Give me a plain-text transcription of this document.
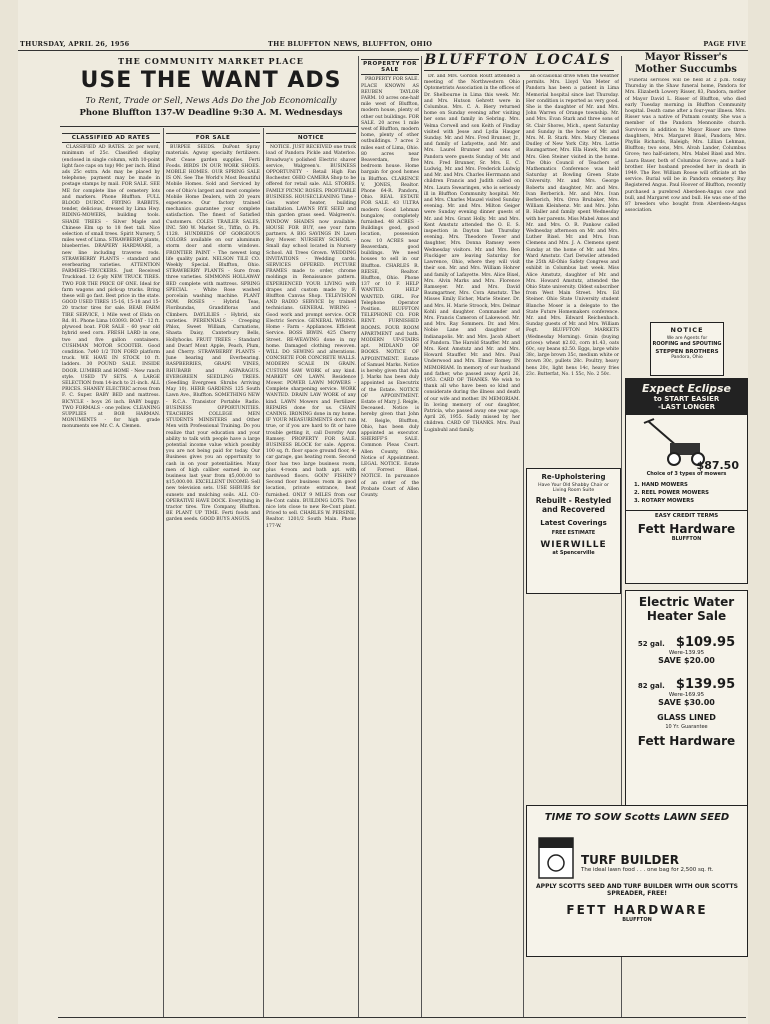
THURSDAY, APRIL 26, 1956	THE BLUFFTON NEWS, BLUFFTON, OHIO	PAGE FIVE
THE COMMUNITY MARKET PLACE
USE THE WANT ADS
To Rent, Trade or Sell, News Ads Do the Job Economically
Phone Bluffton 137-W Deadline 9:30 A. M. Wednesdays
BLUFFTON LOCALS	Mayor Risser's Mother Succumbs
CLASSIFIED AD RATES
CLASSIFIED AD RATES. 2c per word, minimum of 25c. Classified display (enclosed in single column, with 10-point light face caps on top) 90c per inch. Blind ads 25c extra. Ads may be placed by telephone; payment may be made in postage stamps by mail. FOR SALE. SEE ME for complete line of cemetery lots and markers. Phone Bluffton. FULL BLOOD DUROC. FRYING RABBITS, tender, delicious, dressed by Lima Hwy. RIDING-MOWERS, building tools. SHADE TREES - Silver Maple and Chinese Elm up to 18 feet tall. Nice selection of small trees. Spirit Nursery, 5 miles west of Lima. STRAWBERRY plants, blueberries. DRAPERY HARDWARE, a new line including traverse rods. STRAWBERRY PLANTS - standard and everbearing varieties. ATTENTION FARMERS--TRUCKERS. Just Received Truckload. 12 6-ply NEW TRUCK TIRES. TWO FOR THE PRICE OF ONE. Ideal for farm wagons and pick-up trucks. Bring these will go fast. Best price in the state. GOOD USED TIRES 15-16, 15-18 and 15-20 tractor tires for sale. BEAR FARM TIRE SERVICE, 1 Mile west of Elida on Rd. 81. Phone Lima 103093. BOAT - 12 ft. plywood boat. FOR SALE - 60 year old hybrid seed corn. FRESH LARD in one, two and five gallon containers. CUSHMAN MOTOR SCOOTER. Good condition. 7x40 1/2 TON FORD platform truck. WE HAVE IN STOCK 10 ft. ladders. 30 POUND SALE. INSIDE DOOR. LUMBER and HOME - New ranch style. USED TV SETS. A LARGE SELECTION from 14-inch to 21-inch. ALL PRICES. SHANEY ELECTRIC across from F. C. Super. BABY BED and mattress. BICYCLE - boys 26 inch. BABY buggy. TWO FORMALS - one yellow. CLEANING SUPPLIES at BOB HARMAN. MONUMENTS - for high grade monuments see Mr. C. A. Clemen.
FOR SALE
BURPEE SEEDS. DuPont Spray materials. Agway specialty fertilizers. Post Cease garden supplies. Ferti Foods. BIRDS IN OUR WORK SHOES. MOBILE HOMES. OUR SPRING SALE IS ON. See The World's Most Beautiful Mobile Homes. Sold and Serviced by one of Ohio's largest and most complete Mobile Home Dealers, with 20 years experience. Our factory trained mechanics guarantee your complete satisfaction. The finest of Satisfied Customers. COLES TRAILER SALES, INC. 580 W. Market St., Tiffin, O. Ph. 1128. HUNDREDS OF GORGEOUS COLORS available on our aluminum storm door and storm windows. FRONTIER PAINT - The newest long life quality paint. NELSON TILE CO. Weekly Special. Bluffton, Ohio. STRAWBERRY PLANTS - Sure from three varieties. SIMMONS HOLLAWAY BED complete with mattress. SPRING SPECIAL - White Rose washed porcelain washing machine. PLANT NOW. ROSES - Hybrid Teas, Floribundas, Grandifloras and Climbers. DAYLILIES - Hybrid, six varieties. PERENNIALS - Creeping Phlox, Sweet William, Carnations, Shasta Daisy, Canterbury Bells, Hollyhocks. FRUIT TREES - Standard and Dwarf Mont Apple, Peach, Plum, and Cherry. STRAWBERRY PLANTS - June bearing and Everbearing. RASPBERRIES, GRAPE VINES, RHUBARB and ASPARAGUS. EVERGREEN SEEDLING TREES. (Seedling Evergreen Shrubs Arriving May 10). HERB GARDENS 125 South Lawn Ave., Bluffton. SOMETHING NEW - R.C.A. Transistor Portable Radio. BUSINESS OPPORTUNITIES. TEACHERS COLLEGE MEN STUDENTS MINISTERS and Other Men with Professional Training. Do you realize that your education and your ability to talk with people have a large potential income value which possibly you are not being paid for today. Our Business gives you an opportunity to cash in on your potentialities. Many men of high caliber earned in our business last year from $5,000.00 to $15,000.00. EXCELLENT INCOME: Sell new television sets. USE SHRUBS for sunsets and mulching soils. ALL CO-OPERATIVE HAVE DOCK. Everything in tractor tires. Tire Company, Bluffton. BE PLANT UP TIME. Ferti foods and garden seeds. GOOD BUYS ANGUS.
NOTICE
NOTICE. JUST RECEIVED one truck load of Pandora Pickle and Waterloo. Broadway's polished Electric shaver service, Walgreen's. BUSINESS OPPORTUNITY - Retail High Fan Rochester. OHIO CAMERA Shop to be offered for retail sale. ALL STORES. FAMILY PICNIC ROSES. PROFITABLE BUSINESS. HOUSECLEANING Time - Gas water heater, building installation. LAWNS RYE SEED and thin garden grass seed. Walgreen's. WINDOW SHADES now available. HOUSE FOR BUY, see your farm partners. A BIG SAVINGS IN Lawn Boy Mower. NURSERY SCHOOL - Small day school located in Nursery School. All Trees Grown. WEDDING INVITATIONS - Wedding cards. SERVICES OFFERED. PICTURE FRAMES made to order, chrome moldings in Renaissance pattern. EXPERIENCED YOUR LIVING with drapes and custom made by F. Bluffton Canvas Shop. TELEVISION AND RADIO SERVICE by trained technicians. GENERAL WIRING - Good work and prompt service. OCR Electric Service. GENERAL WIRING. Home - Farm - Appliances. Efficient Service. BOSS IRWIN. 425 Cherry Street. RE-WEAVING done in my home. Damaged clothing rewoven. WILL DO SEWING and alterations. CONCRETE FOR CONCRETE WALLS. MODERN SCALE IN GRAIN. CUSTOM SAW WORK of any kind. MARKET ON LAWN. Residence Mower. POWER LAWN MOWERS - Complete sharpening service. WORK WANTED. DRAIN LAW WORK of any kind. LAWN Mowers and Fertilizer. REPAIRS done for us. CHAIN CANING. IRONING done in my home. IF YOUR MEASUREMENTS don't run true, or if you are hard to fit or have trouble getting it, call Dorothy Ann Ramsey. PROPERTY FOR SALE. BUSINESS BLOCK for sale. Approx. 100 sq. ft. floor space ground floor, 4-car garage, gas heating room. Second floor has two large business room, plus 4-room and bath apt. with hardwood floors. GOIN' FISHIN'? Second floor business room in good location, private entrance, heat furnished. ONLY 9 MILES from our Re-Cont cabin. BUILDING LOTS. Two nice lots close to new Re-Cont plant. Priced to sell. CHARLES W. PERSINE, Realtor. 1201/2 South Main. Phone 177-W.
PROPERTY FOR SALE
PROPERTY FOR SALE. PLACE KNOWN AS REUBEN TAYLOR FARM. 10 acres one-half mile west of Bluffton, modern house, plenty of other out buildings. FOR SALE. 20 acres 1 mile west of Bluffton, modern home, plenty of other outbuildings. 7 acres 2 miles east of Lima, Ohio. 80 acres near Beaverdam, five bedroom house. Home bargain for good homes in Bluffton. CLARENCE V. JONES, Realtor. Phone 64-R. Pandora, Ohio. REAL ESTATE FOR SALE. 43 ULTRA modern Good Lehman bungalow, completely furnished. 48 ACRES - Buildings good, good location, possession now. 10 ACRES near Beaverdam, good buildings. We need houses to sell in our Bluffton. CHARLES R. REESE, Realtor. Bluffton, Ohio. Phone 137 or 10 F. HELP WANTED. HELP WANTED. GIRL. For Telephone Operator Position. BLUFFTON TELEPHONE CO. FOR RENT. FURNISHED ROOMS. FOUR ROOM APARTMENT and bath. MODERN UP-STAIRS apt. MIDLAND OF BOOKS. NOTICE OF APPOINTMENT. Estate of Samuel Marks. Notice is hereby given that Ada J. Marks has been duly appointed as Executrix of the Estate. NOTICE OF APPOINTMENT. Estate of Mary J. Reigle, Deceased. Notice is hereby given that John M. Reigle, Bluffton, Ohio, has been duly appointed as executor. SHERIFF'S SALE. Common Pleas Court. Allen County, Ohio. Notice of Appointment. LEGAL NOTICE. Estate of Forrest Bixel. NOTICE. In pursuance of an order of the Probate Court of Allen County.
Dr. and Mrs. Gordon Routt attended a meeting of the Northwestern Ohio Optometrists Association in the offices of Dr. Shelbourne in Lima this week. Mr. and Mrs. Hutson Gehrett were in Columbus. Mrs. C. A. Biery returned home on Sunday evening after visiting her sons and family in Sebring. Mrs. Velma Corwell and son Keith of Findlay visited with Jesse and Lydia Hauger Sunday. Mr. and Mrs. Fred Brunner, Jr., and family of Lafayette, and Mr. and Mrs. Laurel Brunner and sons of Pandora were guests Sunday of Mr. and Mrs. Fred Brunner, Sr. Mrs. E. C. Ludwig, Mr. and Mrs. Frederick Ludwig and Mr. and Mrs. Charles Herrmann and children Francis and Judith called on Mrs. Laura Swearingen, who is seriously ill in Bluffton Community hospital. Mr. and Mrs. Charles Mauzel visited Sunday evening. Mr. and Mrs. Milton Geiger were Sunday evening dinner guests of Mr. and Mrs. Grant Holly. Mr. and Mrs. Kent Amstutz attended the O. E. S. inspection in Dayton last Thursday evening. Mrs. Theodore Tower and daughter, Mrs. Donna Ramsey were Wednesday visitors. Mr. and Mrs. Ben Fluckiger are leaving Saturday for Lawrence, Ohio, where they will visit their son. Mr. and Mrs. William Hohrer and family of Lafayette. Mrs. Alice Bixel, Mrs. Alvin Marks and Mrs. Florence Ramseyer. Mr. and Mrs. David Baumgartner, Mrs. Cora Amstutz. The Misses Emily Eicher, Marie Steiner. Dr. and Mrs. H. Marie Stroock, Mrs. Delmar Kohli and daughter. Commander and Mrs. Francis Cameron of Lakewood. Mr. and Mrs. Ray Sommers. Dr. and Mrs. Nobie Lane and daughter of Indianapolis. Mr. and Mrs. Jacob Albert of Pandora. The Harold Stauffer. Mr. and Mrs. Kent Amstutz and Mr. and Mrs. Howard Stauffer. Mr. and Mrs. Paul Underwood and Mrs. Elmer Romey. IN MEMORIAM. In memory of our husband and father, who passed away April 26, 1953. CARD OF THANKS. We wish to thank all who have been so kind and considerate during the illness and death of our wife and mother. IN MEMORIAM. In loving memory of our daughter, Patricia, who passed away one year ago, April 26, 1955. Sadly missed by her children. CARD OF THANKS. Mrs. Paul Luginbuhl and family.
an occasional drive when the weather permits. Mrs. Lloyd Van Meter of Pandora has been a patient in Lima Memorial hospital since last Thursday. Her condition is reported as very good. She is the daughter of Mr. and Mrs. John Warren of Orange township. Mr. and Mrs. Evan Stark and three sons of St. Clair Shores, Mich., spent Saturday and Sunday in the home of Mr. and Mrs. M. B. Stark. Mrs. Mary Clemens Dudley of New York City. Mrs. Lottie Baumgartner, Mrs. Ella Hawk, Mr. and Mrs. Glen Steiner visited in the home. The Ohio Council of Teachers of Mathematics Conference was held Saturday at Bowling Green State University. Mr. and Mrs. George Roberts and daughter, Mr. and Mrs. Ivan Berberich. Mr. and Mrs. Ivan Berberich, Mrs. Orva Brubaker, Mrs. William Kleinhenz. Mr. and Mrs. John B. Haller and family spent Wednesday with her parents. Miss Mabel Amos and Mr. and Mrs. O. R. Pankow called Wednesday afternoon on Mr. and Mrs. Luther Bixel. Mr. and Mrs. Ivan Clemens and Mrs. J. A. Clemens spent Sunday at the home of Mr. and Mrs. Ward Amstutz. Carl Detwiler attended the 25th All-Ohio Safety Congress and exhibit in Columbus last week. Miss Alice Amstutz, daughter of Mr. and Mrs. Howard Amstutz, attended the Ohio State university. Oldest subscriber from West Main Street. Mrs. Ed Steiner. Ohio State University student Blanche Moser is a delegate to the State Future Homemakers conference. Mr. and Mrs. Edward Reichenbach. Sunday guests of Mr. and Mrs. William Fogt. BLUFFTON MARKETS (Wednesday Morning). Grain (buying prices): wheat $2.02, corn $1.43, oats 60c, soy beans $2.50. Eggs, large white 38c, large brown 35c, medium white or brown 30c, pullets 28c. Poultry, heavy hens 20c, light hens 14c, heavy fries 23c. Butterfat, No. 1 55c, No. 2 50c.
Re-Upholstering
Have Your Old Shabby Chair or Living Room Suite
Rebuilt - Restyled and Recovered
Latest Coverings
FREE ESTIMATE
WIERWILLE
at Spencerville
Funeral services will be held at 2 p.m. today Thursday in the Shaw funeral home, Pandora for Mrs. Elizabeth Lowery Risser, 83, Pandora, mother of Mayor David L. Risser of Bluffton, who died early Tuesday morning in Bluffton Community hospital. Death came after a four-year illness. Mrs. Risser was a native of Putnam county. She was a member of the Pandora Mennonite church. Survivors in addition to Mayor Risser are three daughters, Mrs. Margaret Bixel, Pandora; Mrs. Phyllis Richards, Raleigh; Mrs. Lillian Lehman, Bluffton; two sons, Mrs. Alvah Lander, Columbus Grove; two half-sisters, Mrs. Mabel Bixel and Mrs. Laura Bauer, both of Columbus Grove; and a half-brother. Her husband preceded her in death in 1949. The Rev. William Roose will officiate at the service. Burial will be in Pandora cemetery. Buy Registered Angus. Paul Hoover of Bluffton, recently purchased a purebred Aberdeen-Angus cow and bull, and Margaret cow and bull. He was one of the 87 breeders who bought from Aberdeen-Angus association.
NOTICE
We are Agents for
ROOFING and SPOUTING
STEPPEN BROTHERS
Pandora, Ohio
Expect Eclipse
to START EASIER
-LAST LONGER
$87.50
Choice of 3 types of mowers
1. HAND MOWERS
2. REEL POWER MOWERS
3. ROTARY MOWERS
EASY CREDIT TERMS
Fett Hardware
BLUFFTON
Electric Water Heater Sale
52 gal. $109.95
Were-139.95
SAVE $20.00
82 gal. $139.95
Were-169.95
SAVE $30.00
GLASS LINED
10 Yr. Guarantee
Fett Hardware
TIME TO SOW Scotts LAWN SEED
TURF BUILDER
The ideal lawn food . . . one bag for 2,500 sq. ft.
APPLY SCOTTS SEED AND TURF BUILDER WITH OUR SCOTTS SPREADER, FREE!
FETT HARDWARE
BLUFFTON
